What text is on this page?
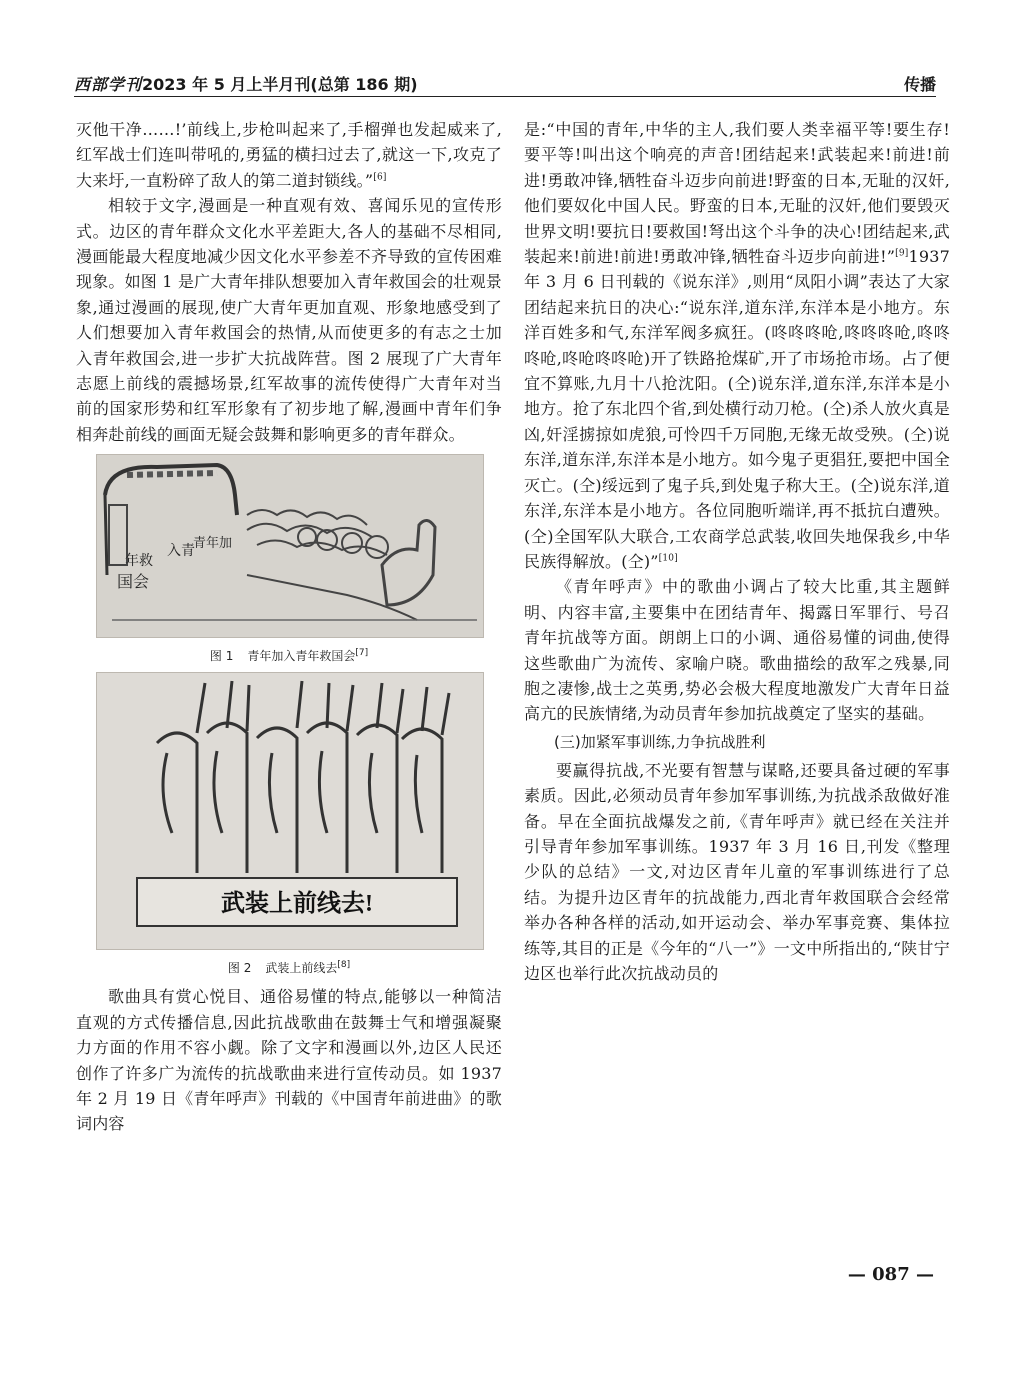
西部学刊2023 年 5 月上半月刊(总第 186 期)	传播

灭他干净……!’前线上,步枪叫起来了,手榴弹也发起威来了,红军战士们连叫带吼的,勇猛的横扫过去了,就这一下,攻克了大来圩,一直粉碎了敌人的第二道封锁线。”[6]

相较于文字,漫画是一种直观有效、喜闻乐见的宣传形式。边区的青年群众文化水平差距大,各人的基础不尽相同,漫画能最大程度地减少因文化水平参差不齐导致的宣传困难现象。如图 1 是广大青年排队想要加入青年救国会的壮观景象,通过漫画的展现,使广大青年更加直观、形象地感受到了人们想要加入青年救国会的热情,从而使更多的有志之士加入青年救国会,进一步扩大抗战阵营。图 2 展现了广大青年志愿上前线的震撼场景,红军故事的流传使得广大青年对当前的国家形势和红军形象有了初步地了解,漫画中青年们争相奔赴前线的画面无疑会鼓舞和影响更多的青年群众。

国会
入青
年救
青年加
图 1 青年加入青年救国会[7]
武装上前线去!
图 2 武装上前线去[8]

歌曲具有赏心悦目、通俗易懂的特点,能够以一种简洁直观的方式传播信息,因此抗战歌曲在鼓舞士气和增强凝聚力方面的作用不容小觑。除了文字和漫画以外,边区人民还创作了许多广为流传的抗战歌曲来进行宣传动员。如 1937 年 2 月 19 日《青年呼声》刊载的《中国青年前进曲》的歌词内容

是:“中国的青年,中华的主人,我们要人类幸福平等!要生存!要平等!叫出这个响亮的声音!团结起来!武装起来!前进!前进!勇敢冲锋,牺牲奋斗迈步向前进!野蛮的日本,无耻的汉奸,他们要奴化中国人民。野蛮的日本,无耻的汉奸,他们要毁灭世界文明!要抗日!要救国!弩出这个斗争的决心!团结起来,武装起来!前进!前进!勇敢冲锋,牺牲奋斗迈步向前进!”[9]1937 年 3 月 6 日刊载的《说东洋》,则用“凤阳小调”表达了大家团结起来抗日的决心:“说东洋,道东洋,东洋本是小地方。东洋百姓多和气,东洋军阀多疯狂。(咚咚咚呛,咚咚咚呛,咚咚咚呛,咚呛咚咚呛)开了铁路抢煤矿,开了市场抢市场。占了便宜不算账,九月十八抢沈阳。(仝)说东洋,道东洋,东洋本是小地方。抢了东北四个省,到处横行动刀枪。(仝)杀人放火真是凶,奸淫掳掠如虎狼,可怜四千万同胞,无缘无故受殃。(仝)说东洋,道东洋,东洋本是小地方。如今鬼子更猖狂,要把中国全灭亡。(仝)绥远到了鬼子兵,到处鬼子称大王。(仝)说东洋,道东洋,东洋本是小地方。各位同胞听端详,再不抵抗白遭殃。(仝)全国军队大联合,工农商学总武装,收回失地保我乡,中华民族得解放。(仝)”[10]

《青年呼声》中的歌曲小调占了较大比重,其主题鲜明、内容丰富,主要集中在团结青年、揭露日军罪行、号召青年抗战等方面。朗朗上口的小调、通俗易懂的词曲,使得这些歌曲广为流传、家喻户晓。歌曲描绘的敌军之残暴,同胞之凄惨,战士之英勇,势必会极大程度地激发广大青年日益高亢的民族情绪,为动员青年参加抗战奠定了坚实的基础。

(三)加紧军事训练,力争抗战胜利

要赢得抗战,不光要有智慧与谋略,还要具备过硬的军事素质。因此,必须动员青年参加军事训练,为抗战杀敌做好准备。早在全面抗战爆发之前,《青年呼声》就已经在关注并引导青年参加军事训练。1937 年 3 月 16 日,刊发《整理少队的总结》一文,对边区青年儿童的军事训练进行了总结。为提升边区青年的抗战能力,西北青年救国联合会经常举办各种各样的活动,如开运动会、举办军事竞赛、集体拉练等,其目的正是《今年的“八一”》一文中所指出的,“陕甘宁边区也举行此次抗战动员的

— 087 —
